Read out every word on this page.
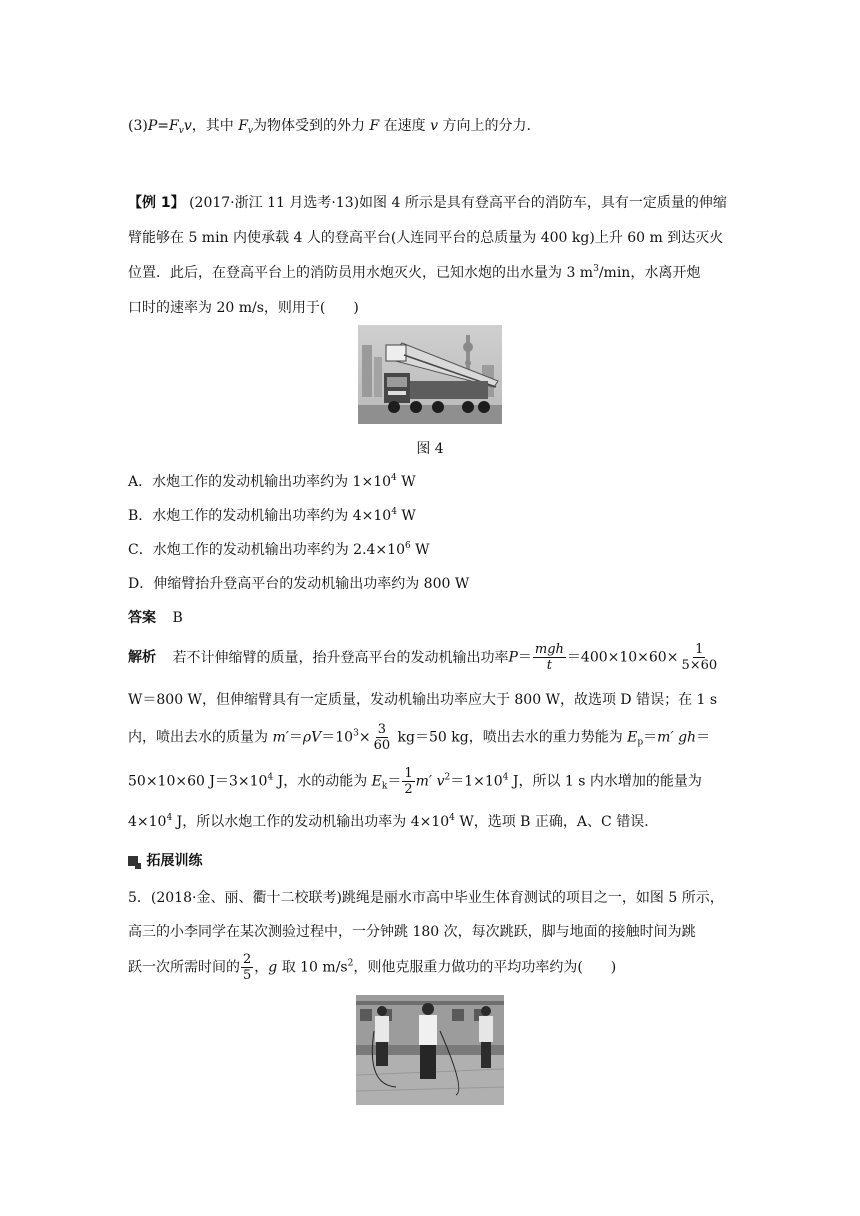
$(3)P=F_vv$，其中 $F_v$为物体受到的外力 F 在速度 v 方向上的分力.
【例 1】 (2017·浙江 11 月选考·13)如图 4 所示是具有登高平台的消防车，具有一定质量的伸缩
臂能够在 5 min 内使承载 4 人的登高平台(人连同平台的总质量为 400 kg)上升 60 m 到达灭火
位置．此后，在登高平台上的消防员用水炮灭火，已知水炮的出水量为 3 $m^3/\min$，水离开炮
口时的速率为 20 m/s，则用于(　　)
图 4
A．水炮工作的发动机输出功率约为 $1\times 10^4$ W
B．水炮工作的发动机输出功率约为 $4\times 10^4$ W
C．水炮工作的发动机输出功率约为 $2.4\times 10^6$ W
D．伸缩臂抬升登高平台的发动机输出功率约为 800 W
答案 B
解析 若不计伸缩臂的质量，抬升登高平台的发动机输出功率$P= \frac{\text{mgh}}{t} =400\times 10\times 60\times \frac{1}{5\times 60}$
W＝800 W，但伸缩臂具有一定质量，发动机输出功率应大于 800 W，故选项 D 错误；在 1 s
内，喷出去水的质量为 $m'=\rho V=10^3\times \frac{3}{60} kg=50$ kg，喷出去水的重力势能为 $E_p=m'$ gh＝
50×10×60 $J=3\times 10^4$ J，水的动能为 $E_k= \frac{1}{2} m'$ $v^2=1\times 10^4$ J，所以 1 s 内水增加的能量为
$4\times 10^4$ J，所以水炮工作的发动机输出功率为 $4\times 10^4$ W，选项 B 正确，A、C 错误.
拓展训练
5．(2018·金、丽、衢十二校联考)跳绳是丽水市高中毕业生体育测试的项目之一，如图 5 所示，
高三的小李同学在某次测验过程中，一分钟跳 180 次，每次跳跃，脚与地面的接触时间为跳
跃一次所需时间的 $\frac{2}{5}$ ，g 取 10 $m/s^2$，则他克服重力做功的平均功率约为(　　)
